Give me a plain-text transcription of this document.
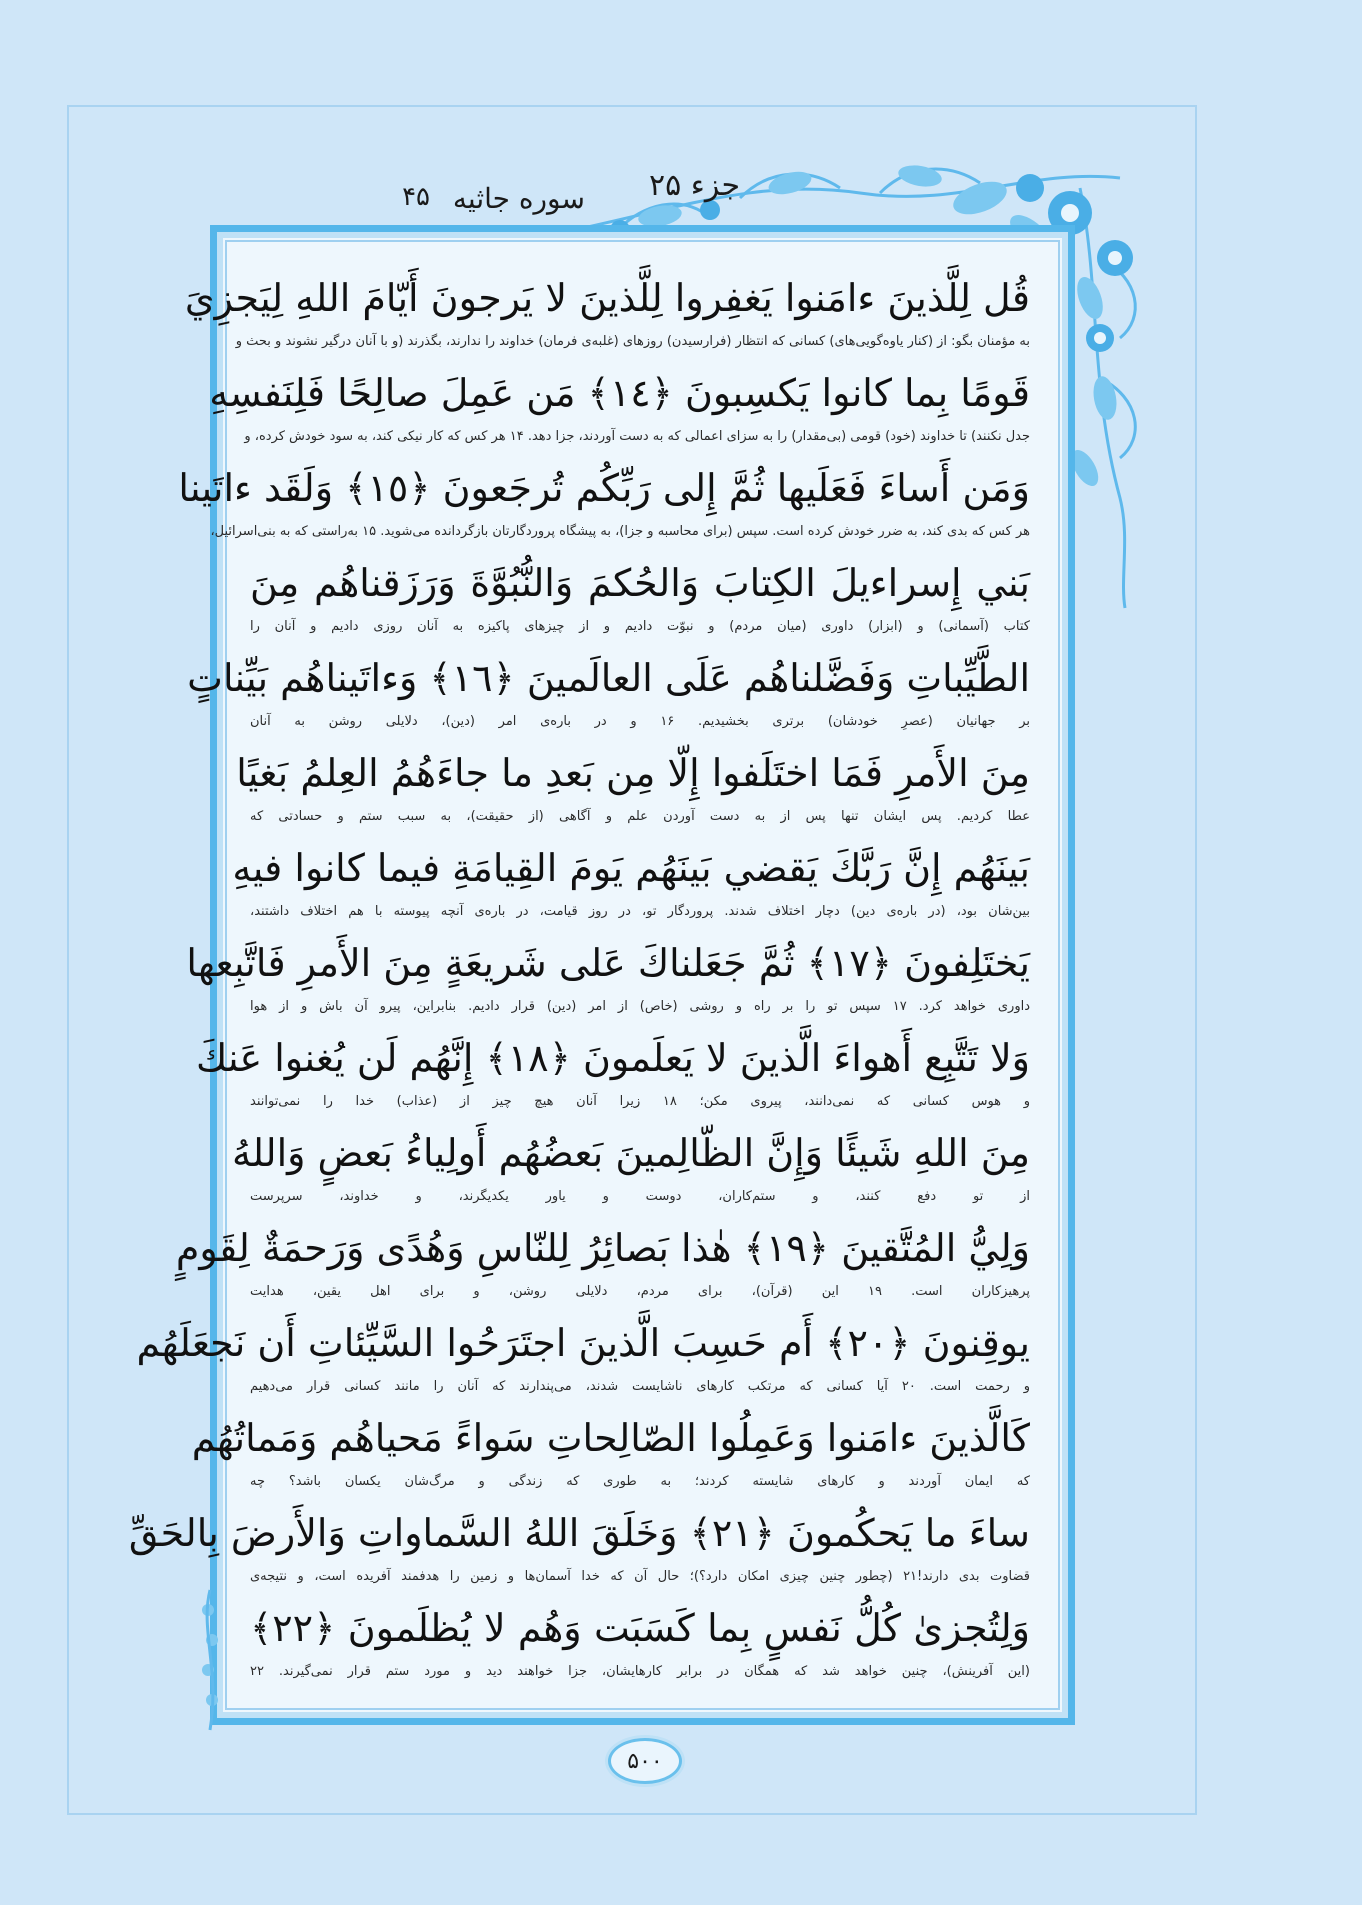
جزء ۲۵
سوره جاثیه
۴۵
قُل لِلَّذينَ ءامَنوا يَغفِروا لِلَّذينَ لا يَرجونَ أَيّامَ اللهِ لِيَجزِيَ
به مؤمنان بگو: از (کنار یاوه‌گویی‌های) کسانی که انتظار (فرارسیدن) روزهای (غلبه‌ی فرمان) خداوند را ندارند، بگذرند (و با آنان درگیر نشوند و بحث و
قَومًا بِما كانوا يَكسِبونَ ﴿١٤﴾ مَن عَمِلَ صالِحًا فَلِنَفسِهِ
جدل نکنند) تا خداوند (خود) قومی (بی‌مقدار) را به سزای اعمالی که به دست آوردند، جزا دهد. ۱۴ هر کس که کار نیکی کند، به سود خودش کرده، و
وَمَن أَساءَ فَعَلَيها ثُمَّ إِلى رَبِّكُم تُرجَعونَ ﴿١٥﴾ وَلَقَد ءاتَينا
هر کس که بدی کند، به ضرر خودش کرده است. سپس (برای محاسبه و جزا)، به پیشگاه پروردگارتان بازگردانده می‌شوید. ۱۵ به‌راستی که به بنی‌اسرائیل،
بَني إِسراءيلَ الكِتابَ وَالحُكمَ وَالنُّبُوَّةَ وَرَزَقناهُم مِنَ
کتاب (آسمانی) و (ابزار) داوری (میان مردم) و نبوّت دادیم و از چیزهای پاکیزه به آنان روزی دادیم و آنان را
الطَّيِّباتِ وَفَضَّلناهُم عَلَى العالَمينَ ﴿١٦﴾ وَءاتَيناهُم بَيِّناتٍ
بر جهانیان (عصرِ خودشان) برتری بخشیدیم. ۱۶ و در باره‌ی امر (دین)، دلایلی روشن به آنان
مِنَ الأَمرِ فَمَا اختَلَفوا إِلّا مِن بَعدِ ما جاءَهُمُ العِلمُ بَغيًا
عطا کردیم. پس ایشان تنها پس از به دست آوردن علم و آگاهی (از حقیقت)، به سبب ستم و حسادتی که
بَينَهُم إِنَّ رَبَّكَ يَقضي بَينَهُم يَومَ القِيامَةِ فيما كانوا فيهِ
بین‌شان بود، (در باره‌ی دین) دچار اختلاف شدند. پروردگار تو، در روز قیامت، در باره‌ی آنچه پیوسته با هم اختلاف داشتند،
يَختَلِفونَ ﴿١٧﴾ ثُمَّ جَعَلناكَ عَلى شَريعَةٍ مِنَ الأَمرِ فَاتَّبِعها
داوری خواهد کرد. ۱۷ سپس تو را بر راه و روشی (خاص) از امر (دین) قرار دادیم. بنابراین، پیرو آن باش و از هوا
وَلا تَتَّبِع أَهواءَ الَّذينَ لا يَعلَمونَ ﴿١٨﴾ إِنَّهُم لَن يُغنوا عَنكَ
و هوس کسانی که نمی‌دانند، پیروی مکن؛ ۱۸ زیرا آنان هیچ چیز از (عذاب) خدا را نمی‌توانند
مِنَ اللهِ شَيئًا وَإِنَّ الظّالِمينَ بَعضُهُم أَولِياءُ بَعضٍ وَاللهُ
از تو دفع کنند، و ستم‌کاران، دوست و یاور یکدیگرند، و خداوند، سرپرست
وَلِيُّ المُتَّقينَ ﴿١٩﴾ هٰذا بَصائِرُ لِلنّاسِ وَهُدًى وَرَحمَةٌ لِقَومٍ
پرهیزکاران است. ۱۹ این (قرآن)، برای مردم، دلایلی روشن، و برای اهل یقین، هدایت
يوقِنونَ ﴿٢٠﴾ أَم حَسِبَ الَّذينَ اجتَرَحُوا السَّيِّئاتِ أَن نَجعَلَهُم
و رحمت است. ۲۰ آیا کسانی که مرتکب کارهای ناشایست شدند، می‌پندارند که آنان را مانند کسانی قرار می‌دهیم
كَالَّذينَ ءامَنوا وَعَمِلُوا الصّالِحاتِ سَواءً مَحياهُم وَمَماتُهُم
که ایمان آوردند و کارهای شایسته کردند؛ به طوری که زندگی و مرگ‌شان یکسان باشد؟ چه
ساءَ ما يَحكُمونَ ﴿٢١﴾ وَخَلَقَ اللهُ السَّماواتِ وَالأَرضَ بِالحَقِّ
قضاوت بدی دارند!۲۱ (چطور چنین چیزی امکان دارد؟)؛ حال آن که خدا آسمان‌ها و زمین را هدفمند آفریده است، و نتیجه‌ی
وَلِتُجزىٰ كُلُّ نَفسٍ بِما كَسَبَت وَهُم لا يُظلَمونَ ﴿٢٢﴾
(این آفرینش)، چنین خواهد شد که همگان در برابر کارهایشان، جزا خواهند دید و مورد ستم قرار نمی‌گیرند. ۲۲
۵۰۰
